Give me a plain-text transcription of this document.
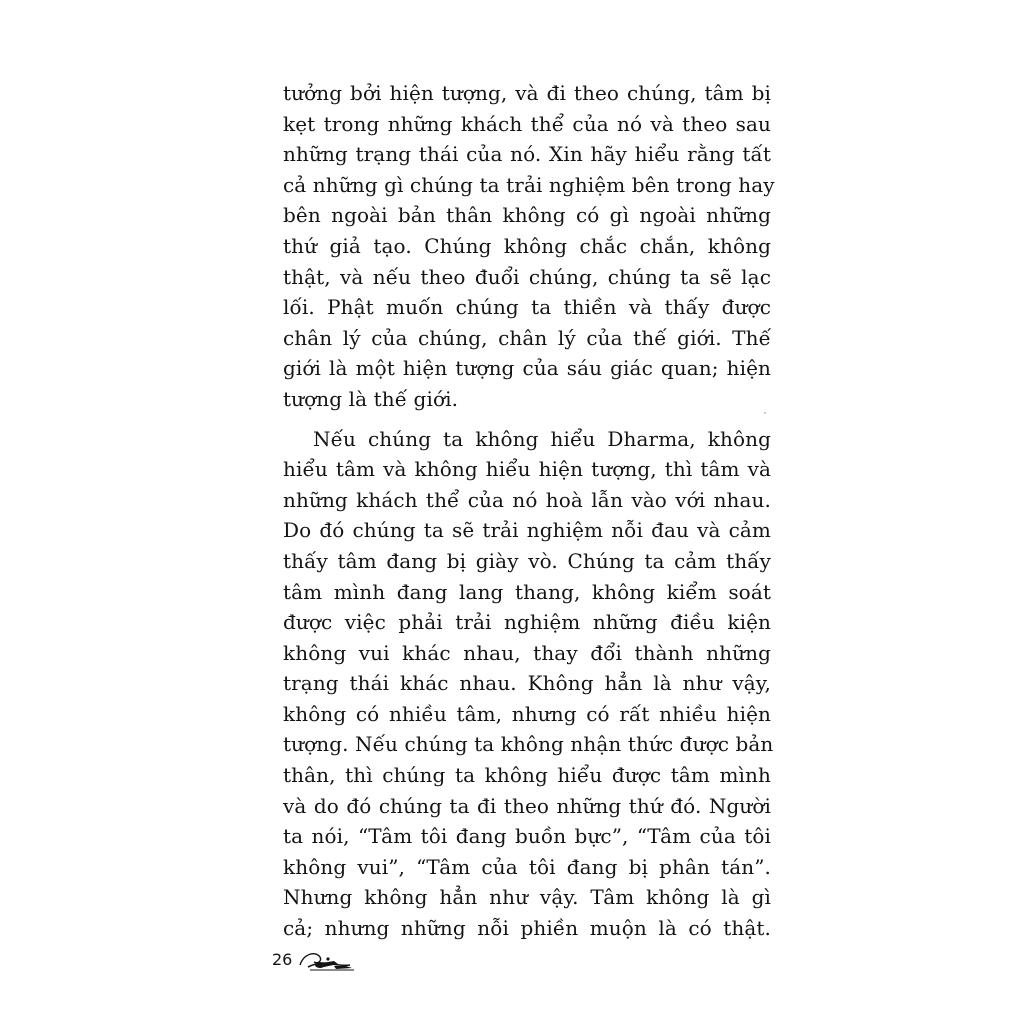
tưởng bởi hiện tượng, và đi theo chúng, tâm bị
kẹt trong những khách thể của nó và theo sau
những trạng thái của nó. Xin hãy hiểu rằng tất
cả những gì chúng ta trải nghiệm bên trong hay
bên ngoài bản thân không có gì ngoài những
thứ giả tạo. Chúng không chắc chắn, không
thật, và nếu theo đuổi chúng, chúng ta sẽ lạc
lối. Phật muốn chúng ta thiền và thấy được
chân lý của chúng, chân lý của thế giới. Thế
giới là một hiện tượng của sáu giác quan; hiện
tượng là thế giới.
Nếu chúng ta không hiểu Dharma, không
hiểu tâm và không hiểu hiện tượng, thì tâm và
những khách thể của nó hoà lẫn vào với nhau.
Do đó chúng ta sẽ trải nghiệm nỗi đau và cảm
thấy tâm đang bị giày vò. Chúng ta cảm thấy
tâm mình đang lang thang, không kiểm soát
được việc phải trải nghiệm những điều kiện
không vui khác nhau, thay đổi thành những
trạng thái khác nhau. Không hẳn là như vậy,
không có nhiều tâm, nhưng có rất nhiều hiện
tượng. Nếu chúng ta không nhận thức được bản
thân, thì chúng ta không hiểu được tâm mình
và do đó chúng ta đi theo những thứ đó. Người
ta nói, “Tâm tôi đang buồn bực”, “Tâm của tôi
không vui”, “Tâm của tôi đang bị phân tán”.
Nhưng không hẳn như vậy. Tâm không là gì
cả; nhưng những nỗi phiền muộn là có thật.
26
